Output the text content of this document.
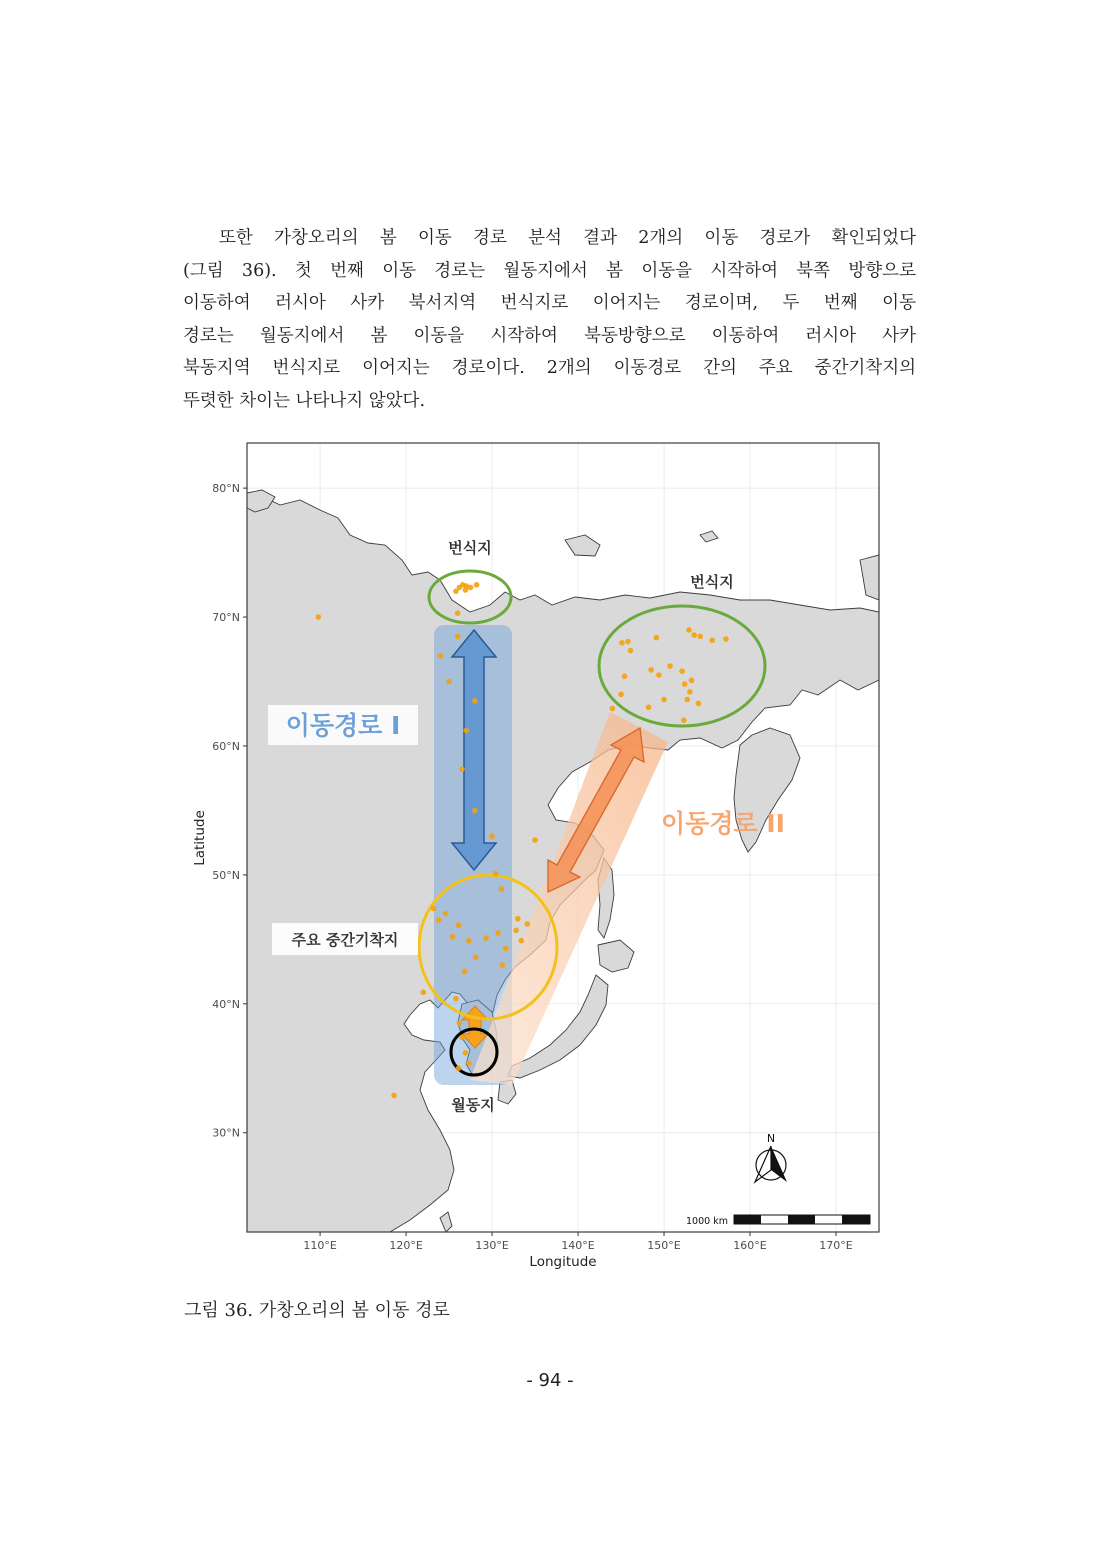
또한 가창오리의 봄 이동 경로 분석 결과 2개의 이동 경로가 확인되었다
(그림 36). 첫 번째 이동 경로는 월동지에서 봄 이동을 시작하여 북쪽 방향으로
이동하여 러시아 사카 북서지역 번식지로 이어지는 경로이며, 두 번째 이동
경로는 월동지에서 봄 이동을 시작하여 북동방향으로 이동하여 러시아 사카
북동지역 번식지로 이어지는 경로이다. 2개의 이동경로 간의 주요 중간기착지의
뚜렷한 차이는 나타나지 않았다.

이동경로 I
이동경로 II
주요 중간기착지
번식지
번식지
월동지
N
1000 km
110°E	120°E	130°E	140°E	150°E	160°E	170°E
30°N
40°N
50°N
60°N
70°N
80°N
Longitude
Latitude

그림 36. 가창오리의 봄 이동 경로

- 94 -
